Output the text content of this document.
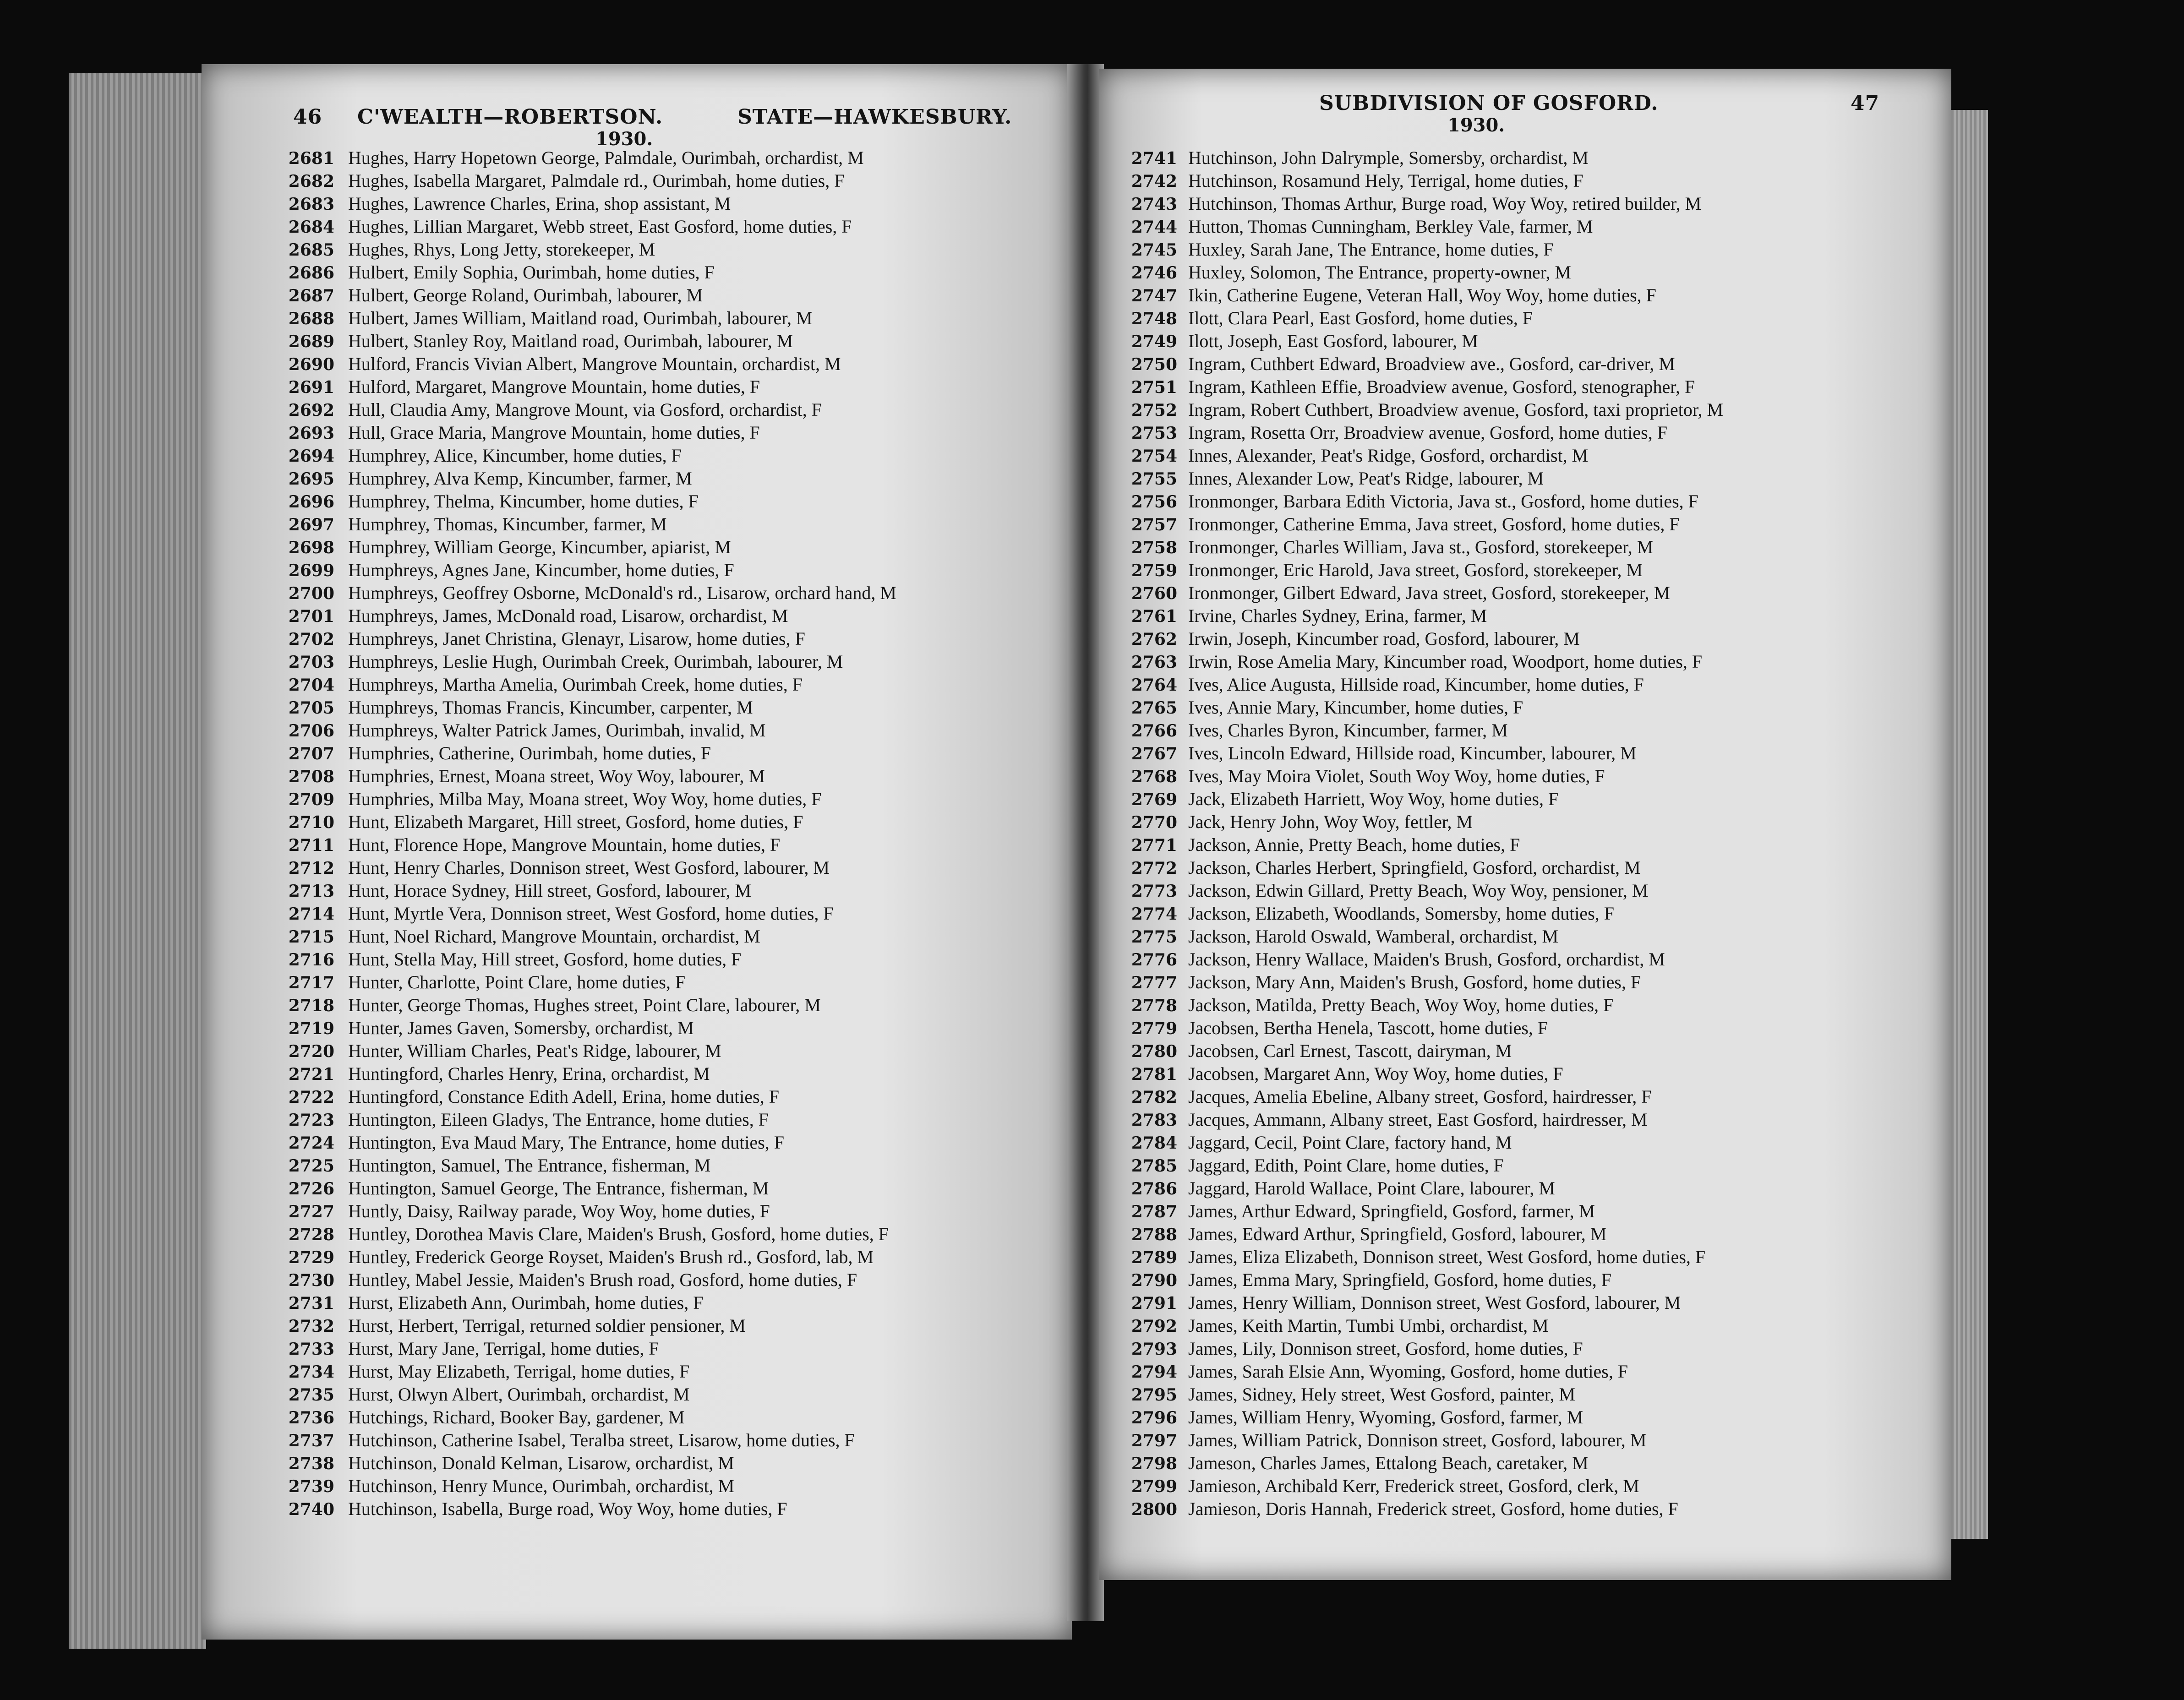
46 C'WEALTH—ROBERTSON.	STATE—HAWKESBURY.
1930.
2681 Hughes, Harry Hopetown George, Palmdale, Ourimbah, orchardist, M
2682 Hughes, Isabella Margaret, Palmdale rd., Ourimbah, home duties, F
2683 Hughes, Lawrence Charles, Erina, shop assistant, M
2684 Hughes, Lillian Margaret, Webb street, East Gosford, home duties, F
2685 Hughes, Rhys, Long Jetty, storekeeper, M
2686 Hulbert, Emily Sophia, Ourimbah, home duties, F
2687 Hulbert, George Roland, Ourimbah, labourer, M
2688 Hulbert, James William, Maitland road, Ourimbah, labourer, M
2689 Hulbert, Stanley Roy, Maitland road, Ourimbah, labourer, M
2690 Hulford, Francis Vivian Albert, Mangrove Mountain, orchardist, M
2691 Hulford, Margaret, Mangrove Mountain, home duties, F
2692 Hull, Claudia Amy, Mangrove Mount, via Gosford, orchardist, F
2693 Hull, Grace Maria, Mangrove Mountain, home duties, F
2694 Humphrey, Alice, Kincumber, home duties, F
2695 Humphrey, Alva Kemp, Kincumber, farmer, M
2696 Humphrey, Thelma, Kincumber, home duties, F
2697 Humphrey, Thomas, Kincumber, farmer, M
2698 Humphrey, William George, Kincumber, apiarist, M
2699 Humphreys, Agnes Jane, Kincumber, home duties, F
2700 Humphreys, Geoffrey Osborne, McDonald's rd., Lisarow, orchard hand, M
2701 Humphreys, James, McDonald road, Lisarow, orchardist, M
2702 Humphreys, Janet Christina, Glenayr, Lisarow, home duties, F
2703 Humphreys, Leslie Hugh, Ourimbah Creek, Ourimbah, labourer, M
2704 Humphreys, Martha Amelia, Ourimbah Creek, home duties, F
2705 Humphreys, Thomas Francis, Kincumber, carpenter, M
2706 Humphreys, Walter Patrick James, Ourimbah, invalid, M
2707 Humphries, Catherine, Ourimbah, home duties, F
2708 Humphries, Ernest, Moana street, Woy Woy, labourer, M
2709 Humphries, Milba May, Moana street, Woy Woy, home duties, F
2710 Hunt, Elizabeth Margaret, Hill street, Gosford, home duties, F
2711 Hunt, Florence Hope, Mangrove Mountain, home duties, F
2712 Hunt, Henry Charles, Donnison street, West Gosford, labourer, M
2713 Hunt, Horace Sydney, Hill street, Gosford, labourer, M
2714 Hunt, Myrtle Vera, Donnison street, West Gosford, home duties, F
2715 Hunt, Noel Richard, Mangrove Mountain, orchardist, M
2716 Hunt, Stella May, Hill street, Gosford, home duties, F
2717 Hunter, Charlotte, Point Clare, home duties, F
2718 Hunter, George Thomas, Hughes street, Point Clare, labourer, M
2719 Hunter, James Gaven, Somersby, orchardist, M
2720 Hunter, William Charles, Peat's Ridge, labourer, M
2721 Huntingford, Charles Henry, Erina, orchardist, M
2722 Huntingford, Constance Edith Adell, Erina, home duties, F
2723 Huntington, Eileen Gladys, The Entrance, home duties, F
2724 Huntington, Eva Maud Mary, The Entrance, home duties, F
2725 Huntington, Samuel, The Entrance, fisherman, M
2726 Huntington, Samuel George, The Entrance, fisherman, M
2727 Huntly, Daisy, Railway parade, Woy Woy, home duties, F
2728 Huntley, Dorothea Mavis Clare, Maiden's Brush, Gosford, home duties, F
2729 Huntley, Frederick George Royset, Maiden's Brush rd., Gosford, lab, M
2730 Huntley, Mabel Jessie, Maiden's Brush road, Gosford, home duties, F
2731 Hurst, Elizabeth Ann, Ourimbah, home duties, F
2732 Hurst, Herbert, Terrigal, returned soldier pensioner, M
2733 Hurst, Mary Jane, Terrigal, home duties, F
2734 Hurst, May Elizabeth, Terrigal, home duties, F
2735 Hurst, Olwyn Albert, Ourimbah, orchardist, M
2736 Hutchings, Richard, Booker Bay, gardener, M
2737 Hutchinson, Catherine Isabel, Teralba street, Lisarow, home duties, F
2738 Hutchinson, Donald Kelman, Lisarow, orchardist, M
2739 Hutchinson, Henry Munce, Ourimbah, orchardist, M
2740 Hutchinson, Isabella, Burge road, Woy Woy, home duties, F
SUBDIVISION OF GOSFORD.	47
1930.
2741 Hutchinson, John Dalrymple, Somersby, orchardist, M
2742 Hutchinson, Rosamund Hely, Terrigal, home duties, F
2743 Hutchinson, Thomas Arthur, Burge road, Woy Woy, retired builder, M
2744 Hutton, Thomas Cunningham, Berkley Vale, farmer, M
2745 Huxley, Sarah Jane, The Entrance, home duties, F
2746 Huxley, Solomon, The Entrance, property-owner, M
2747 Ikin, Catherine Eugene, Veteran Hall, Woy Woy, home duties, F
2748 Ilott, Clara Pearl, East Gosford, home duties, F
2749 Ilott, Joseph, East Gosford, labourer, M
2750 Ingram, Cuthbert Edward, Broadview ave., Gosford, car-driver, M
2751 Ingram, Kathleen Effie, Broadview avenue, Gosford, stenographer, F
2752 Ingram, Robert Cuthbert, Broadview avenue, Gosford, taxi proprietor, M
2753 Ingram, Rosetta Orr, Broadview avenue, Gosford, home duties, F
2754 Innes, Alexander, Peat's Ridge, Gosford, orchardist, M
2755 Innes, Alexander Low, Peat's Ridge, labourer, M
2756 Ironmonger, Barbara Edith Victoria, Java st., Gosford, home duties, F
2757 Ironmonger, Catherine Emma, Java street, Gosford, home duties, F
2758 Ironmonger, Charles William, Java st., Gosford, storekeeper, M
2759 Ironmonger, Eric Harold, Java street, Gosford, storekeeper, M
2760 Ironmonger, Gilbert Edward, Java street, Gosford, storekeeper, M
2761 Irvine, Charles Sydney, Erina, farmer, M
2762 Irwin, Joseph, Kincumber road, Gosford, labourer, M
2763 Irwin, Rose Amelia Mary, Kincumber road, Woodport, home duties, F
2764 Ives, Alice Augusta, Hillside road, Kincumber, home duties, F
2765 Ives, Annie Mary, Kincumber, home duties, F
2766 Ives, Charles Byron, Kincumber, farmer, M
2767 Ives, Lincoln Edward, Hillside road, Kincumber, labourer, M
2768 Ives, May Moira Violet, South Woy Woy, home duties, F
2769 Jack, Elizabeth Harriett, Woy Woy, home duties, F
2770 Jack, Henry John, Woy Woy, fettler, M
2771 Jackson, Annie, Pretty Beach, home duties, F
2772 Jackson, Charles Herbert, Springfield, Gosford, orchardist, M
2773 Jackson, Edwin Gillard, Pretty Beach, Woy Woy, pensioner, M
2774 Jackson, Elizabeth, Woodlands, Somersby, home duties, F
2775 Jackson, Harold Oswald, Wamberal, orchardist, M
2776 Jackson, Henry Wallace, Maiden's Brush, Gosford, orchardist, M
2777 Jackson, Mary Ann, Maiden's Brush, Gosford, home duties, F
2778 Jackson, Matilda, Pretty Beach, Woy Woy, home duties, F
2779 Jacobsen, Bertha Henela, Tascott, home duties, F
2780 Jacobsen, Carl Ernest, Tascott, dairyman, M
2781 Jacobsen, Margaret Ann, Woy Woy, home duties, F
2782 Jacques, Amelia Ebeline, Albany street, Gosford, hairdresser, F
2783 Jacques, Ammann, Albany street, East Gosford, hairdresser, M
2784 Jaggard, Cecil, Point Clare, factory hand, M
2785 Jaggard, Edith, Point Clare, home duties, F
2786 Jaggard, Harold Wallace, Point Clare, labourer, M
2787 James, Arthur Edward, Springfield, Gosford, farmer, M
2788 James, Edward Arthur, Springfield, Gosford, labourer, M
2789 James, Eliza Elizabeth, Donnison street, West Gosford, home duties, F
2790 James, Emma Mary, Springfield, Gosford, home duties, F
2791 James, Henry William, Donnison street, West Gosford, labourer, M
2792 James, Keith Martin, Tumbi Umbi, orchardist, M
2793 James, Lily, Donnison street, Gosford, home duties, F
2794 James, Sarah Elsie Ann, Wyoming, Gosford, home duties, F
2795 James, Sidney, Hely street, West Gosford, painter, M
2796 James, William Henry, Wyoming, Gosford, farmer, M
2797 James, William Patrick, Donnison street, Gosford, labourer, M
2798 Jameson, Charles James, Ettalong Beach, caretaker, M
2799 Jamieson, Archibald Kerr, Frederick street, Gosford, clerk, M
2800 Jamieson, Doris Hannah, Frederick street, Gosford, home duties, F
